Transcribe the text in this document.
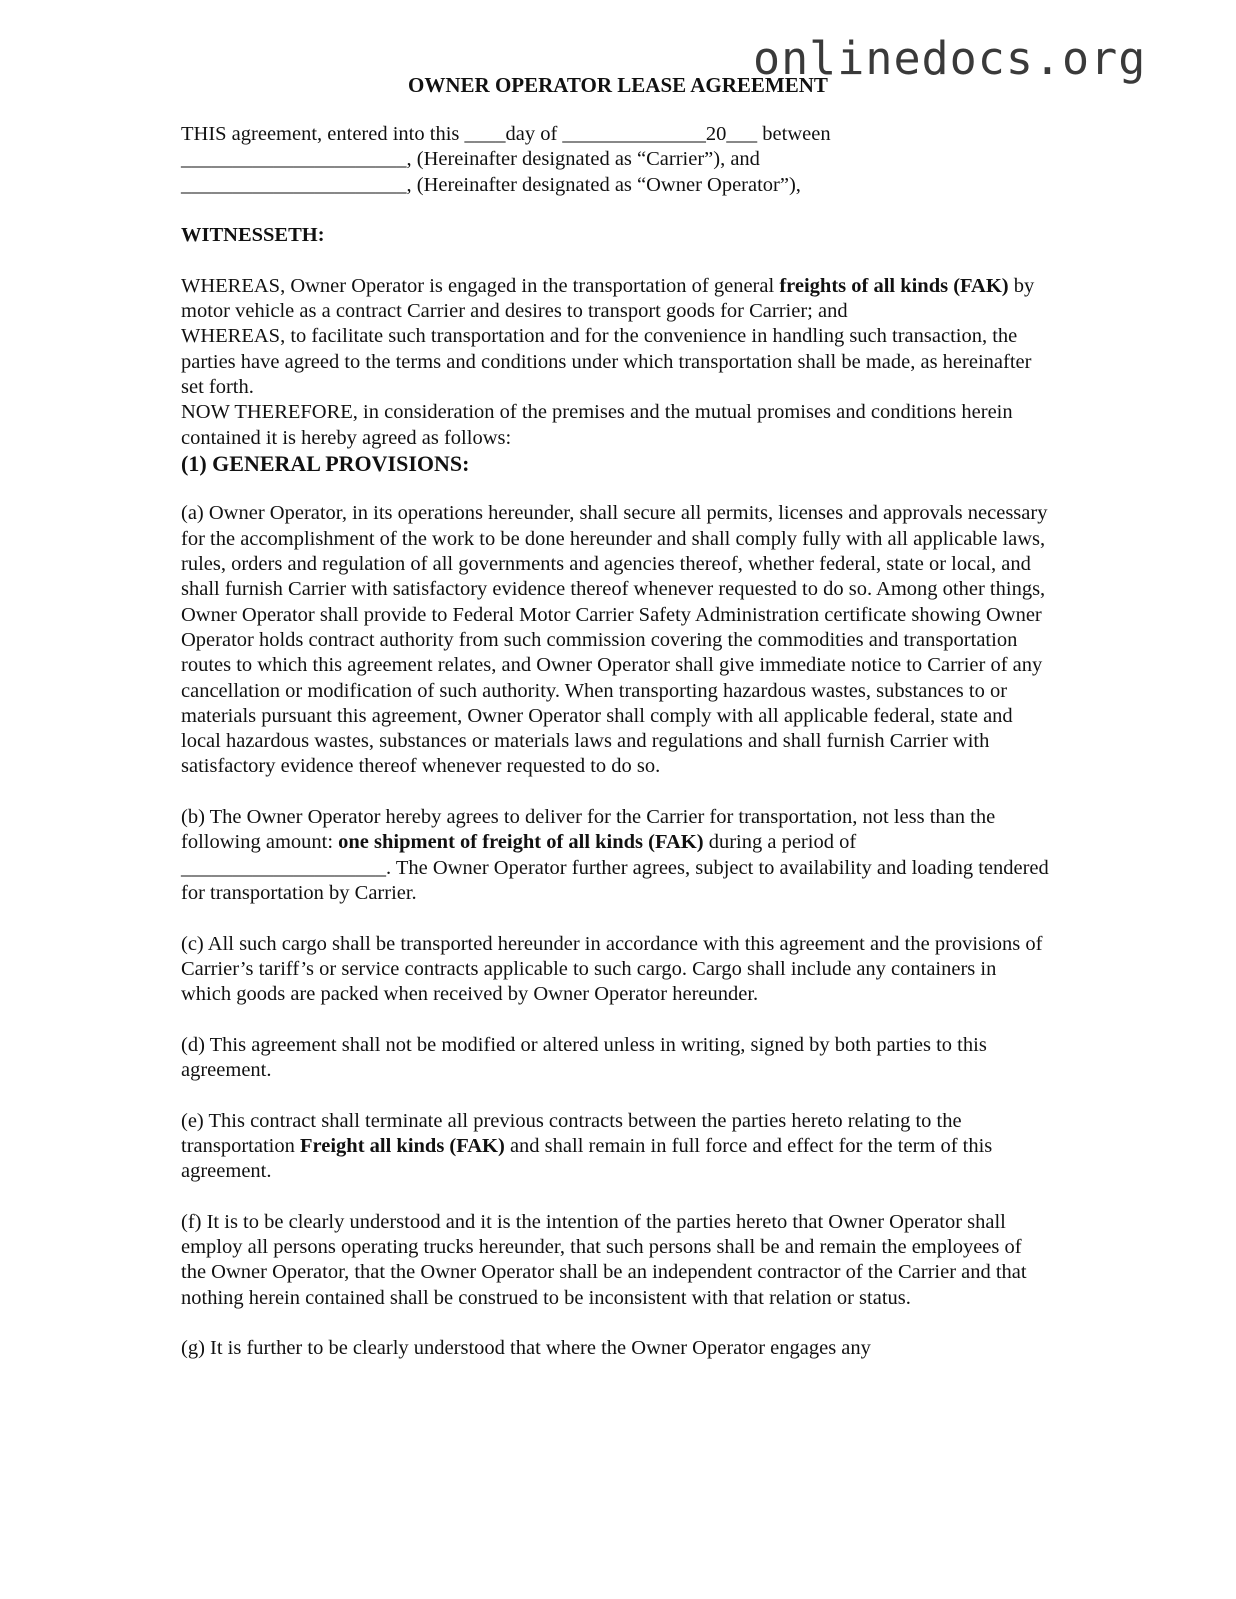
onlinedocs.org
OWNER OPERATOR LEASE AGREEMENT
THIS agreement, entered into this ____day of ______________20___ between
______________________, (Hereinafter designated as “Carrier”), and
______________________, (Hereinafter designated as “Owner Operator”),

WITNESSETH:

WHEREAS, Owner Operator is engaged in the transportation of general freights of all kinds (FAK) by motor vehicle as a contract Carrier and desires to transport goods for Carrier; and

WHEREAS, to facilitate such transportation and for the convenience in handling such transaction, the parties have agreed to the terms and conditions under which transportation shall be made, as hereinafter set forth.

NOW THEREFORE, in consideration of the premises and the mutual promises and conditions herein contained it is hereby agreed as follows:

(1) GENERAL PROVISIONS:

(a) Owner Operator, in its operations hereunder, shall secure all permits, licenses and approvals necessary for the accomplishment of the work to be done hereunder and shall comply fully with all applicable laws, rules, orders and regulation of all governments and agencies thereof, whether federal, state or local, and shall furnish Carrier with satisfactory evidence thereof whenever requested to do so. Among other things, Owner Operator shall provide to Federal Motor Carrier Safety Administration certificate showing Owner Operator holds contract authority from such commission covering the commodities and transportation routes to which this agreement relates, and Owner Operator shall give immediate notice to Carrier of any cancellation or modification of such authority. When transporting hazardous wastes, substances to or materials pursuant this agreement, Owner Operator shall comply with all applicable federal, state and local hazardous wastes, substances or materials laws and regulations and shall furnish Carrier with satisfactory evidence thereof whenever requested to do so.

(b) The Owner Operator hereby agrees to deliver for the Carrier for transportation, not less than the following amount: one shipment of freight of all kinds (FAK) during a period of ____________________. The Owner Operator further agrees, subject to availability and loading tendered for transportation by Carrier.

(c) All such cargo shall be transported hereunder in accordance with this agreement and the provisions of Carrier’s tariff’s or service contracts applicable to such cargo. Cargo shall include any containers in which goods are packed when received by Owner Operator hereunder.

(d) This agreement shall not be modified or altered unless in writing, signed by both parties to this agreement.

(e) This contract shall terminate all previous contracts between the parties hereto relating to the transportation Freight all kinds (FAK) and shall remain in full force and effect for the term of this agreement.

(f) It is to be clearly understood and it is the intention of the parties hereto that Owner Operator shall employ all persons operating trucks hereunder, that such persons shall be and remain the employees of the Owner Operator, that the Owner Operator shall be an independent contractor of the Carrier and that nothing herein contained shall be construed to be inconsistent with that relation or status.

(g) It is further to be clearly understood that where the Owner Operator engages any
